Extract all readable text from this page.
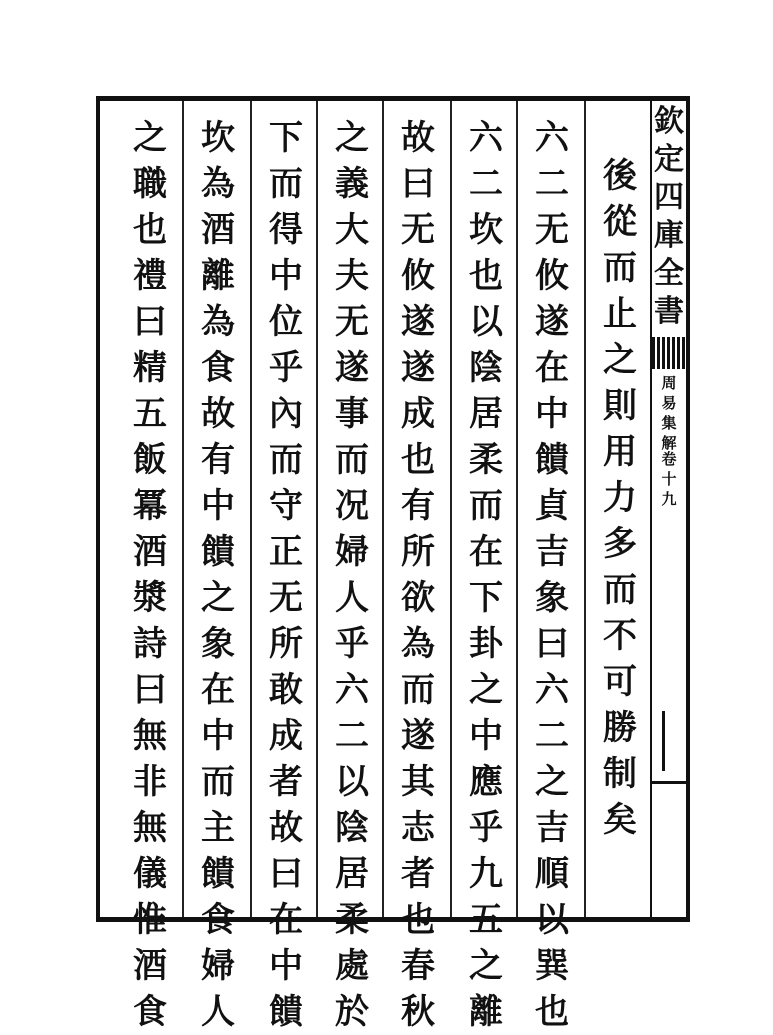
後
從
而
止
之
則
用
力
多
而
不
可
勝
制
矣
六
二
无
攸
遂
在
中
饋
貞
吉
象
曰
六
二
之
吉
順
以
巽
也
六
二
坎
也
以
陰
居
柔
而
在
下
卦
之
中
應
乎
九
五
之
離
故
曰
无
攸
遂
遂
成
也
有
所
欲
為
而
遂
其
志
者
也
春
秋
之
義
大
夫
无
遂
事
而
况
婦
人
乎
六
二
以
陰
居
柔
處
於
下
而
得
中
位
乎
內
而
守
正
无
所
敢
成
者
故
曰
在
中
饋
坎
為
酒
離
為
食
故
有
中
饋
之
象
在
中
而
主
饋
食
婦
人
之
職
也
禮
曰
精
五
飯
冪
酒
漿
詩
曰
無
非
無
儀
惟
酒
食
欽
定
四
庫
全
書
周
易
集
解
卷
十
九
